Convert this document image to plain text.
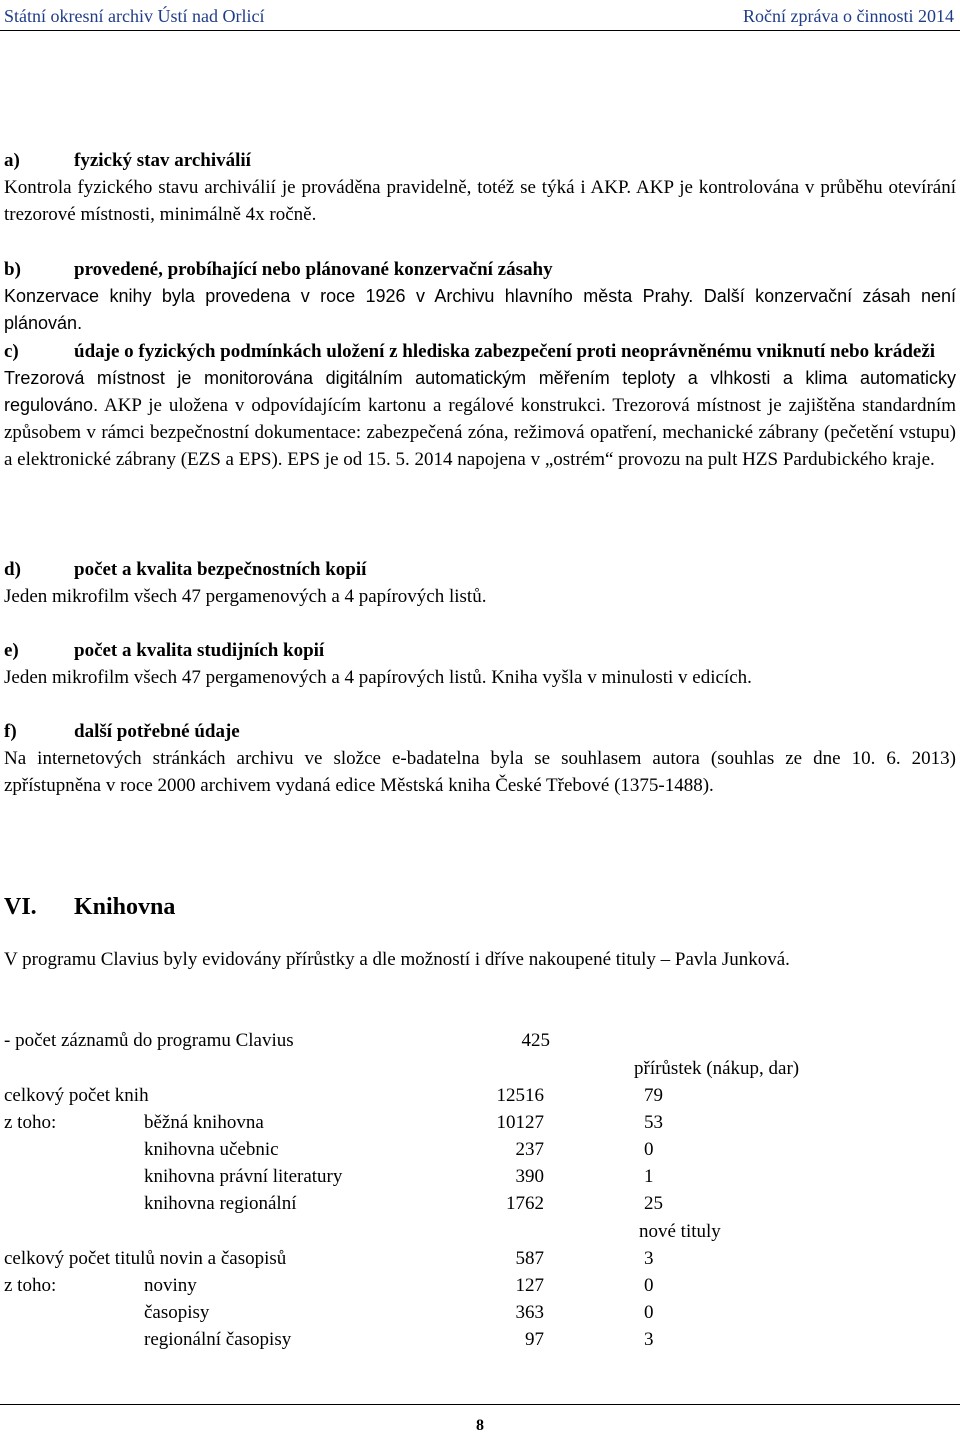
Státní okresní archiv Ústí nad Orlicí	Roční zpráva o činnosti 2014
a)	fyzický stav archiválií

Kontrola fyzického stavu archiválií je prováděna pravidelně, totéž se týká i AKP. AKP je kontrolována v průběhu otevírání trezorové místnosti, minimálně 4x ročně.

b)	provedené, probíhající nebo plánované konzervační zásahy

Konzervace knihy byla provedena v roce 1926 v Archivu hlavního města Prahy. Další konzervační zásah není plánován.

c)	údaje o fyzických podmínkách uložení z hlediska zabezpečení proti neoprávněnému vniknutí nebo krádeži

Trezorová místnost je monitorována digitálním automatickým měřením teploty a vlhkosti a klima automaticky regulováno. AKP je uložena v odpovídajícím kartonu a regálové konstrukci. Trezorová místnost je zajištěna standardním způsobem v rámci bezpečnostní dokumentace: zabezpečená zóna, režimová opatření, mechanické zábrany (pečetění vstupu) a elektronické zábrany (EZS a EPS). EPS je od 15. 5. 2014 napojena v „ostrém“ provozu na pult HZS Pardubického kraje.

d)	počet a kvalita bezpečnostních kopií

Jeden mikrofilm všech 47 pergamenových a 4 papírových listů.

e)	počet a kvalita studijních kopií

Jeden mikrofilm všech 47 pergamenových a 4 papírových listů. Kniha vyšla v minulosti v edicích.

f)	další potřebné údaje

Na internetových stránkách archivu ve složce e-badatelna byla se souhlasem autora (souhlas ze dne 10. 6. 2013) zpřístupněna v roce 2000 archivem vydaná edice Městská kniha České Třebové (1375-1488).

VI.	Knihovna

V programu Clavius byly evidovány přírůstky a dle možností i dříve nakoupené tituly – Pavla Junková.

- počet záznamů do programu Clavius	425
přírůstek (nákup, dar)
celkový počet knih	12516	79
z toho:	běžná knihovna	10127	53
knihovna učebnic	237	0
knihovna právní literatury	390	1
knihovna regionální	1762	25
nové tituly
celkový počet titulů novin a časopisů	587	3
z toho:	noviny	127	0
časopisy	363	0
regionální časopisy	97	3
8
